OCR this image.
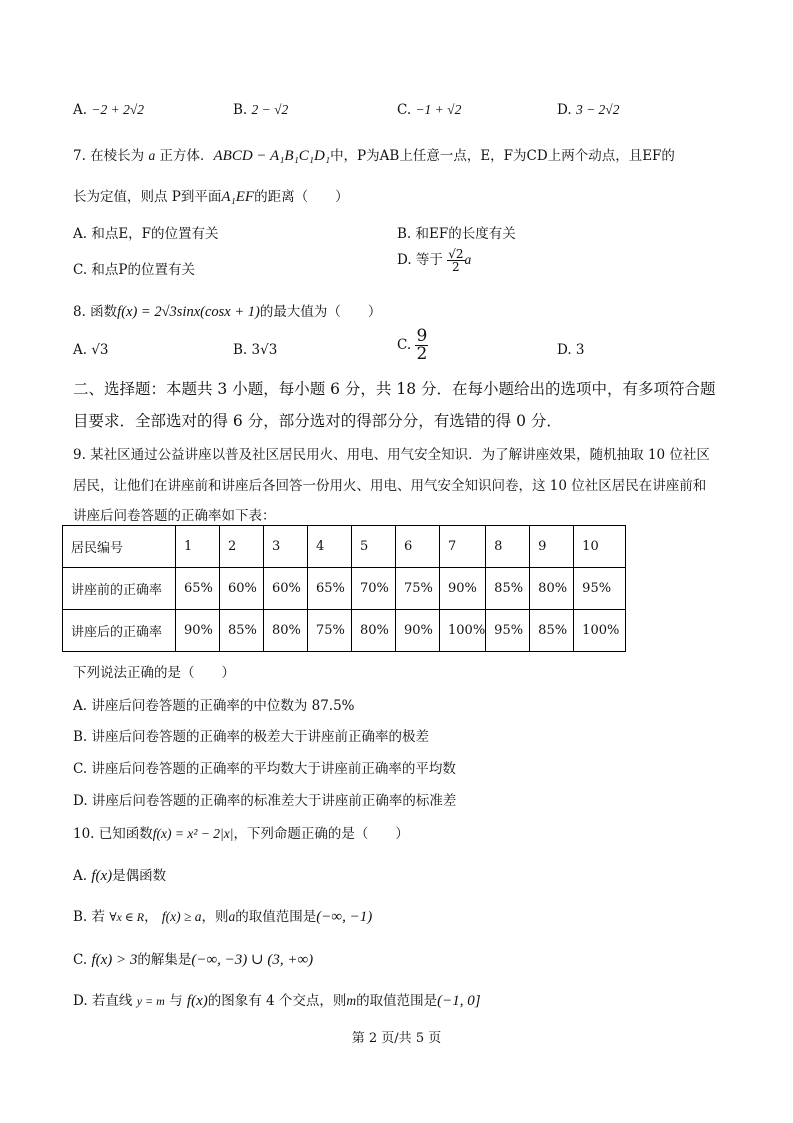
A. −2 + 2√2	B. 2 − √2	C. −1 + √2	D. 3 − 2√2
7. 在棱长为 a 正方体．ABCD − A₁B₁C₁D₁中，P为AB上任意一点，E，F为CD上两个动点，且EF的
长为定值，则点 P到平面A₁EF的距离（　　）
A. 和点E，F的位置有关	B. 和EF的长度有关
C. 和点P的位置有关
D. 等于 $\frac{√2}{2}$ a
8. 函数f(x) = 2√3sinx(cosx + 1)的最大值为（　　）
A. √3	B. 3√3	C. $\frac{9}{2}$	D. 3
二、选择题：本题共 3 小题，每小题 6 分，共 18 分．在每小题给出的选项中，有多项符合题
目要求．全部选对的得 6 分，部分选对的得部分分，有选错的得 0 分．
9. 某社区通过公益讲座以普及社区居民用火、用电、用气安全知识．为了解讲座效果，随机抽取 10 位社区
居民，让他们在讲座前和讲座后各回答一份用火、用电、用气安全知识问卷，这 10 位社区居民在讲座前和
讲座后问卷答题的正确率如下表：
居民编号	1	2	3	4	5	6	7	8	9	10
讲座前的正确率	65%	60%	60%	65%	70%	75%	90%	85%	80%	95%
讲座后的正确率	90%	85%	80%	75%	80%	90%	100%	95%	85%	100%
下列说法正确的是（　　）
A. 讲座后问卷答题的正确率的中位数为 87.5%
B. 讲座后问卷答题的正确率的极差大于讲座前正确率的极差
C. 讲座后问卷答题的正确率的平均数大于讲座前正确率的平均数
D. 讲座后问卷答题的正确率的标准差大于讲座前正确率的标准差
10. 已知函数f(x) = x² − 2|x|，下列命题正确的是（　　）
A. f(x)是偶函数
B. 若 ∀x ∈ R， f(x) ≥ a，则a的取值范围是(−∞, −1)
C. f(x) > 3的解集是(−∞, −3) ∪ (3, +∞)
D. 若直线 y = m 与 f(x)的图象有 4 个交点，则m的取值范围是(−1, 0]
第 2 页/共 5 页
